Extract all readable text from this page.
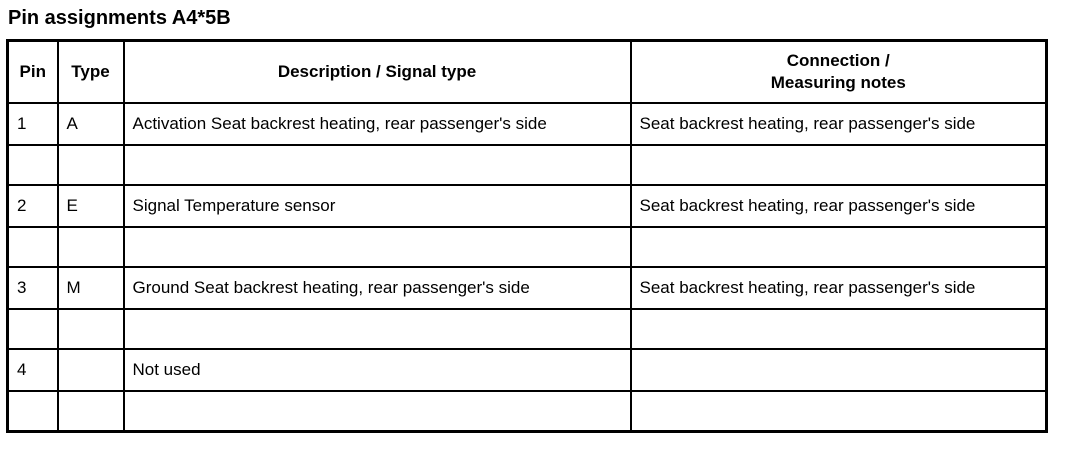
Pin assignments A4*5B
Pin	Type	Description / Signal type	Connection /
Measuring notes

1	A	Activation Seat backrest heating, rear passenger's side	Seat backrest heating, rear passenger's side

2	E	Signal Temperature sensor	Seat backrest heating, rear passenger's side

3	M	Ground Seat backrest heating, rear passenger's side	Seat backrest heating, rear passenger's side

4		Not used	
